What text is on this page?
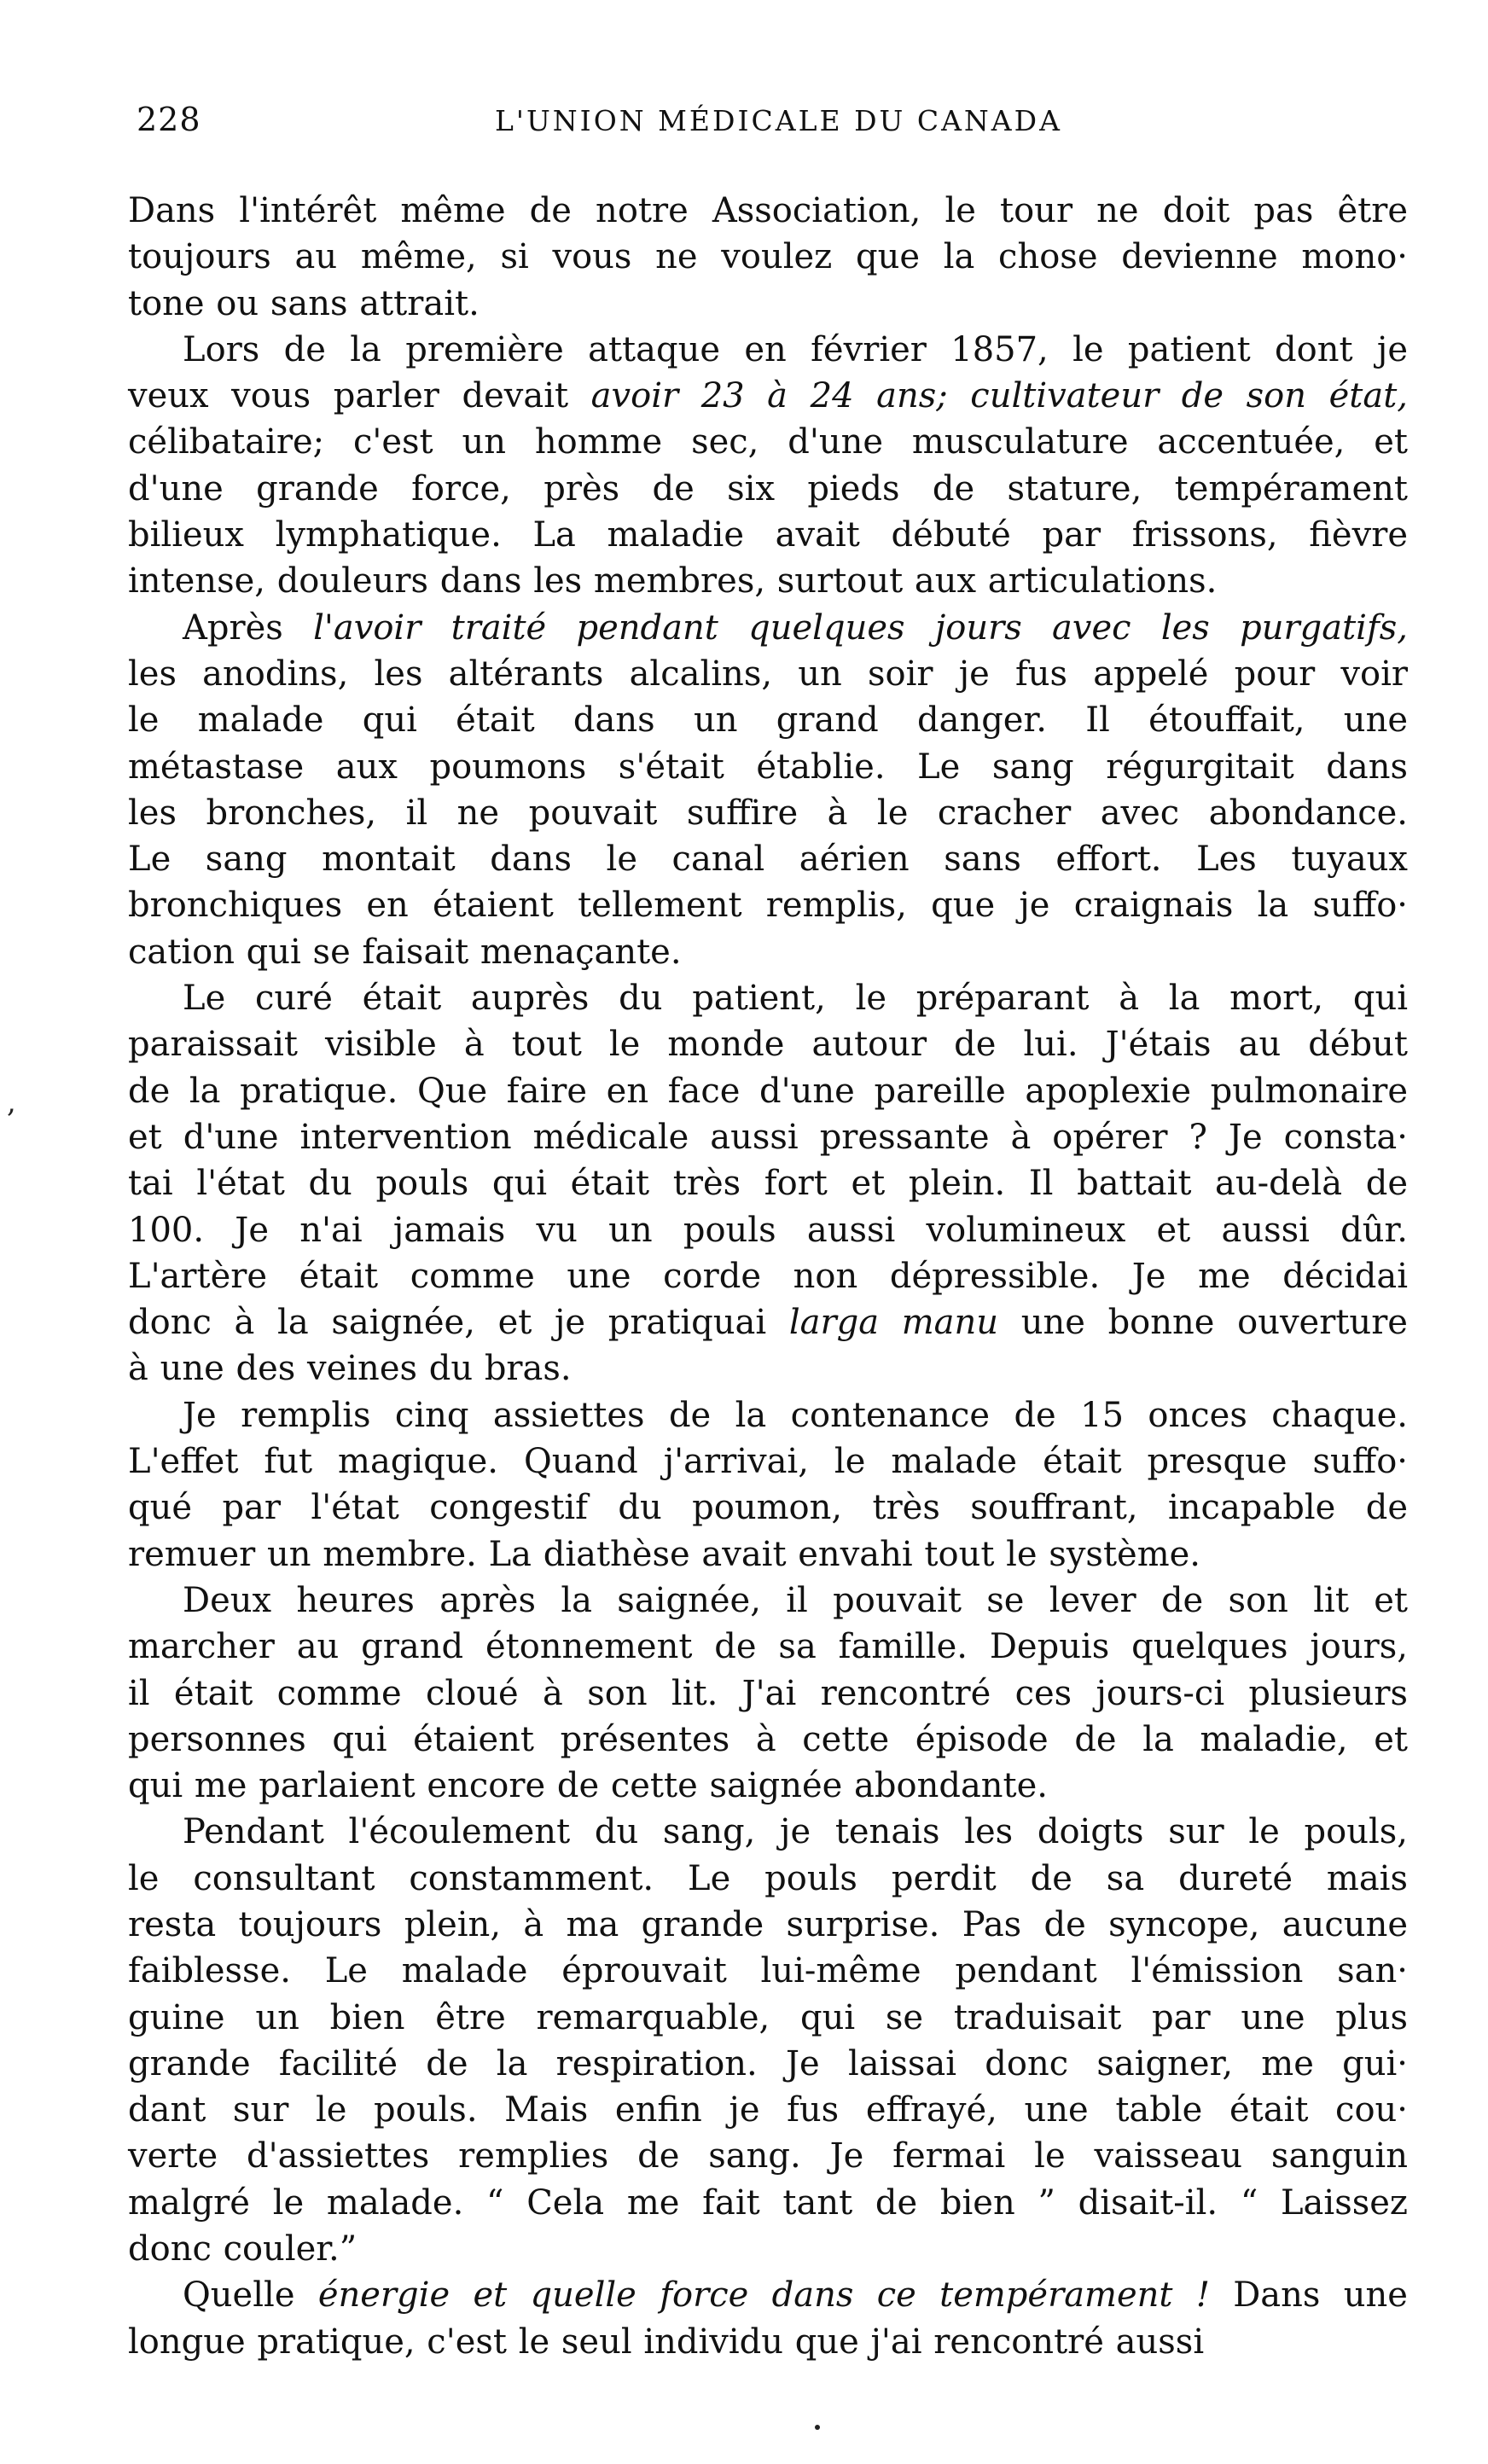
228	L'UNION MÉDICALE DU CANADA
Dans l'intérêt même de notre Association, le tour ne doit pas être
toujours au même, si vous ne voulez que la chose devienne mono·
tone ou sans attrait.
Lors de la première attaque en février 1857, le patient dont je
veux vous parler devait avoir 23 à 24 ans; cultivateur de son état,
célibataire; c'est un homme sec, d'une musculature accentuée, et
d'une grande force, près de six pieds de stature, tempérament
bilieux lymphatique. La maladie avait débuté par frissons, fièvre
intense, douleurs dans les membres, surtout aux articulations.
Après l'avoir traité pendant quelques jours avec les purgatifs,
les anodins, les altérants alcalins, un soir je fus appelé pour voir
le malade qui était dans un grand danger. Il étouffait, une
métastase aux poumons s'était établie. Le sang régurgitait dans
les bronches, il ne pouvait suffire à le cracher avec abondance.
Le sang montait dans le canal aérien sans effort. Les tuyaux
bronchiques en étaient tellement remplis, que je craignais la suffo·
cation qui se faisait menaçante.
Le curé était auprès du patient, le préparant à la mort, qui
paraissait visible à tout le monde autour de lui. J'étais au début
de la pratique. Que faire en face d'une pareille apoplexie pulmonaire
et d'une intervention médicale aussi pressante à opérer ? Je consta·
tai l'état du pouls qui était très fort et plein. Il battait au-delà de
100. Je n'ai jamais vu un pouls aussi volumineux et aussi dûr.
L'artère était comme une corde non dépressible. Je me décidai
donc à la saignée, et je pratiquai larga manu une bonne ouverture
à une des veines du bras.
Je remplis cinq assiettes de la contenance de 15 onces chaque.
L'effet fut magique. Quand j'arrivai, le malade était presque suffo·
qué par l'état congestif du poumon, très souffrant, incapable de
remuer un membre. La diathèse avait envahi tout le système.
Deux heures après la saignée, il pouvait se lever de son lit et
marcher au grand étonnement de sa famille. Depuis quelques jours,
il était comme cloué à son lit. J'ai rencontré ces jours-ci plusieurs
personnes qui étaient présentes à cette épisode de la maladie, et
qui me parlaient encore de cette saignée abondante.
Pendant l'écoulement du sang, je tenais les doigts sur le pouls,
le consultant constamment. Le pouls perdit de sa dureté mais
resta toujours plein, à ma grande surprise. Pas de syncope, aucune
faiblesse. Le malade éprouvait lui-même pendant l'émission san·
guine un bien être remarquable, qui se traduisait par une plus
grande facilité de la respiration. Je laissai donc saigner, me gui·
dant sur le pouls. Mais enfin je fus effrayé, une table était cou·
verte d'assiettes remplies de sang. Je fermai le vaisseau sanguin
malgré le malade. “ Cela me fait tant de bien ” disait-il. “ Laissez
donc couler.”
Quelle énergie et quelle force dans ce tempérament ! Dans une
longue pratique, c'est le seul individu que j'ai rencontré aussi
,
